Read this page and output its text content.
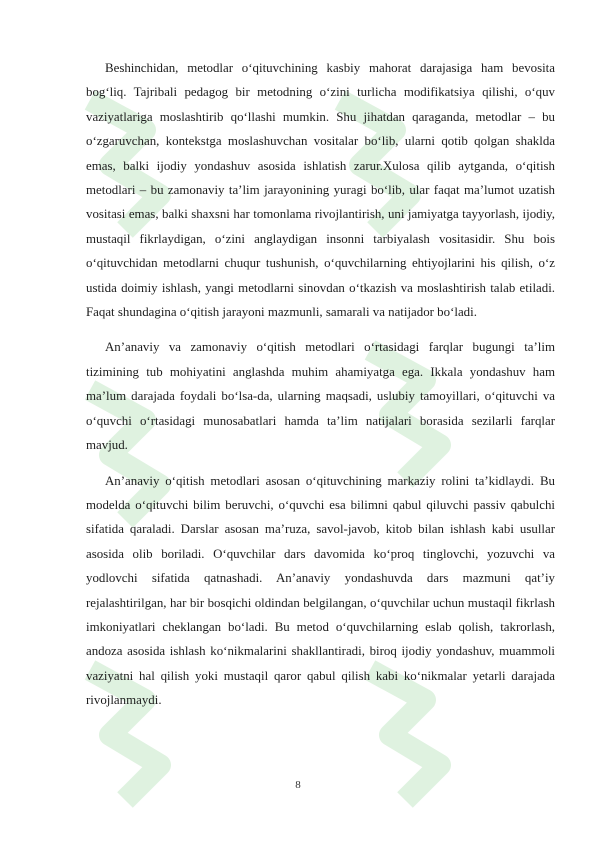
Beshinchidan, metodlar o‘qituvchining kasbiy mahorat darajasiga ham bevosita bog‘liq. Tajribali pedagog bir metodning o‘zini turlicha modifikatsiya qilishi, o‘quv vaziyatlariga moslashtirib qo‘llashi mumkin. Shu jihatdan qaraganda, metodlar – bu o‘zgaruvchan, kontekstga moslashuvchan vositalar bo‘lib, ularni qotib qolgan shaklda emas, balki ijodiy yondashuv asosida ishlatish zarur.Xulosa qilib aytganda, o‘qitish metodlari – bu zamonaviy ta’lim jarayonining yuragi bo‘lib, ular faqat ma’lumot uzatish vositasi emas, balki shaxsni har tomonlama rivojlantirish, uni jamiyatga tayyorlash, ijodiy, mustaqil fikrlaydigan, o‘zini anglaydigan insonni tarbiyalash vositasidir. Shu bois o‘qituvchidan metodlarni chuqur tushunish, o‘quvchilarning ehtiyojlarini his qilish, o‘z ustida doimiy ishlash, yangi metodlarni sinovdan o‘tkazish va moslashtirish talab etiladi. Faqat shundagina o‘qitish jarayoni mazmunli, samarali va natijador bo‘ladi.

An’anaviy va zamonaviy o‘qitish metodlari o‘rtasidagi farqlar bugungi ta’lim tizimining tub mohiyatini anglashda muhim ahamiyatga ega. Ikkala yondashuv ham ma’lum darajada foydali bo‘lsa-da, ularning maqsadi, uslubiy tamoyillari, o‘qituvchi va o‘quvchi o‘rtasidagi munosabatlari hamda ta’lim natijalari borasida sezilarli farqlar mavjud.

An’anaviy o‘qitish metodlari asosan o‘qituvchining markaziy rolini ta’kidlaydi. Bu modelda o‘qituvchi bilim beruvchi, o‘quvchi esa bilimni qabul qiluvchi passiv qabulchi sifatida qaraladi. Darslar asosan ma’ruza, savol-javob, kitob bilan ishlash kabi usullar asosida olib boriladi. O‘quvchilar dars davomida ko‘proq tinglovchi, yozuvchi va yodlovchi sifatida qatnashadi. An’anaviy yondashuvda dars mazmuni qat’iy rejalashtirilgan, har bir bosqichi oldindan belgilangan, o‘quvchilar uchun mustaqil fikrlash imkoniyatlari cheklangan bo‘ladi. Bu metod o‘quvchilarning eslab qolish, takrorlash, andoza asosida ishlash ko‘nikmalarini shakllantiradi, biroq ijodiy yondashuv, muammoli vaziyatni hal qilish yoki mustaqil qaror qabul qilish kabi ko‘nikmalar yetarli darajada rivojlanmaydi.

8
